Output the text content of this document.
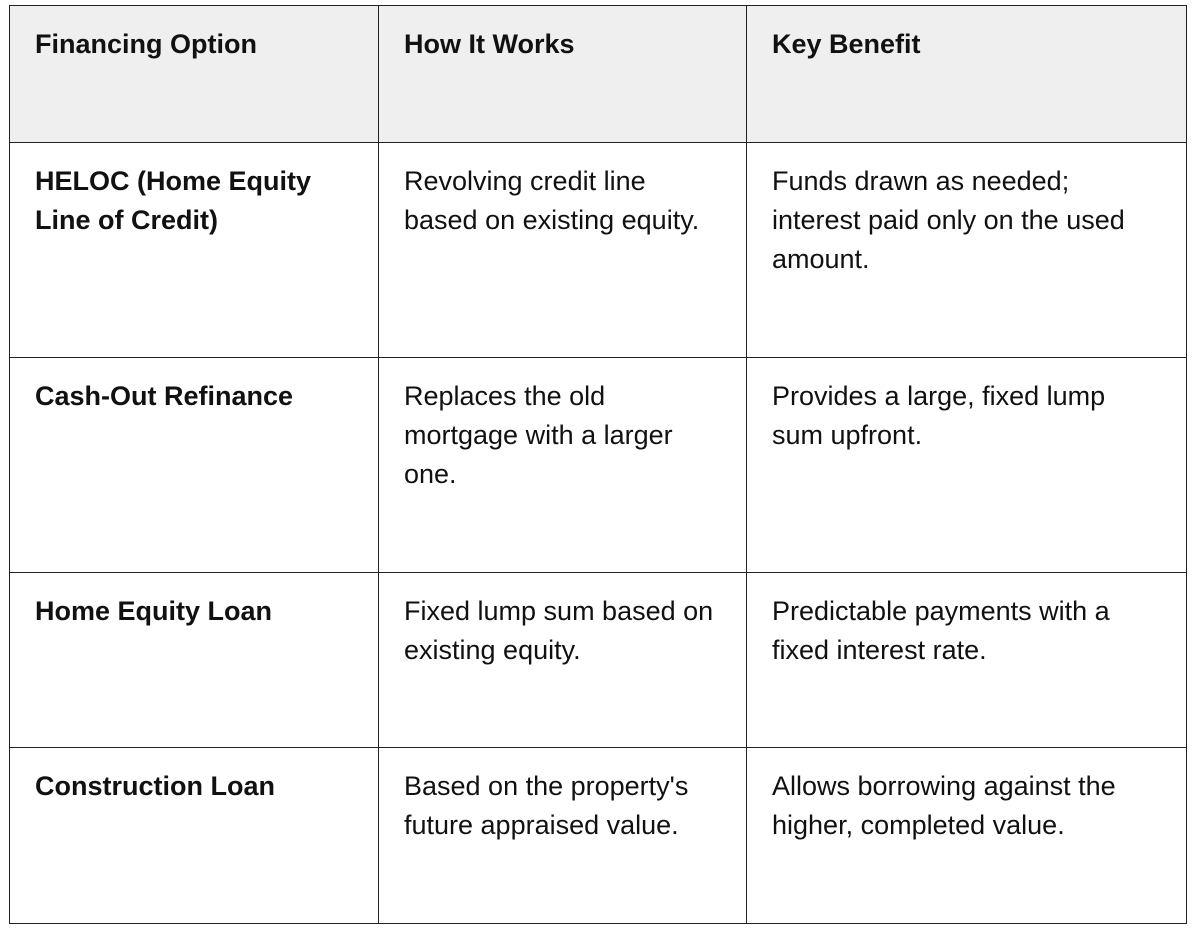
Financing Option	How It Works	Key Benefit
HELOC (Home Equity Line of Credit)	Revolving credit line based on existing equity.	Funds drawn as needed; interest paid only on the used amount.
Cash-Out Refinance	Replaces the old mortgage with a larger one.	Provides a large, fixed lump sum upfront.
Home Equity Loan	Fixed lump sum based on existing equity.	Predictable payments with a fixed interest rate.
Construction Loan	Based on the property's future appraised value.	Allows borrowing against the higher, completed value.
